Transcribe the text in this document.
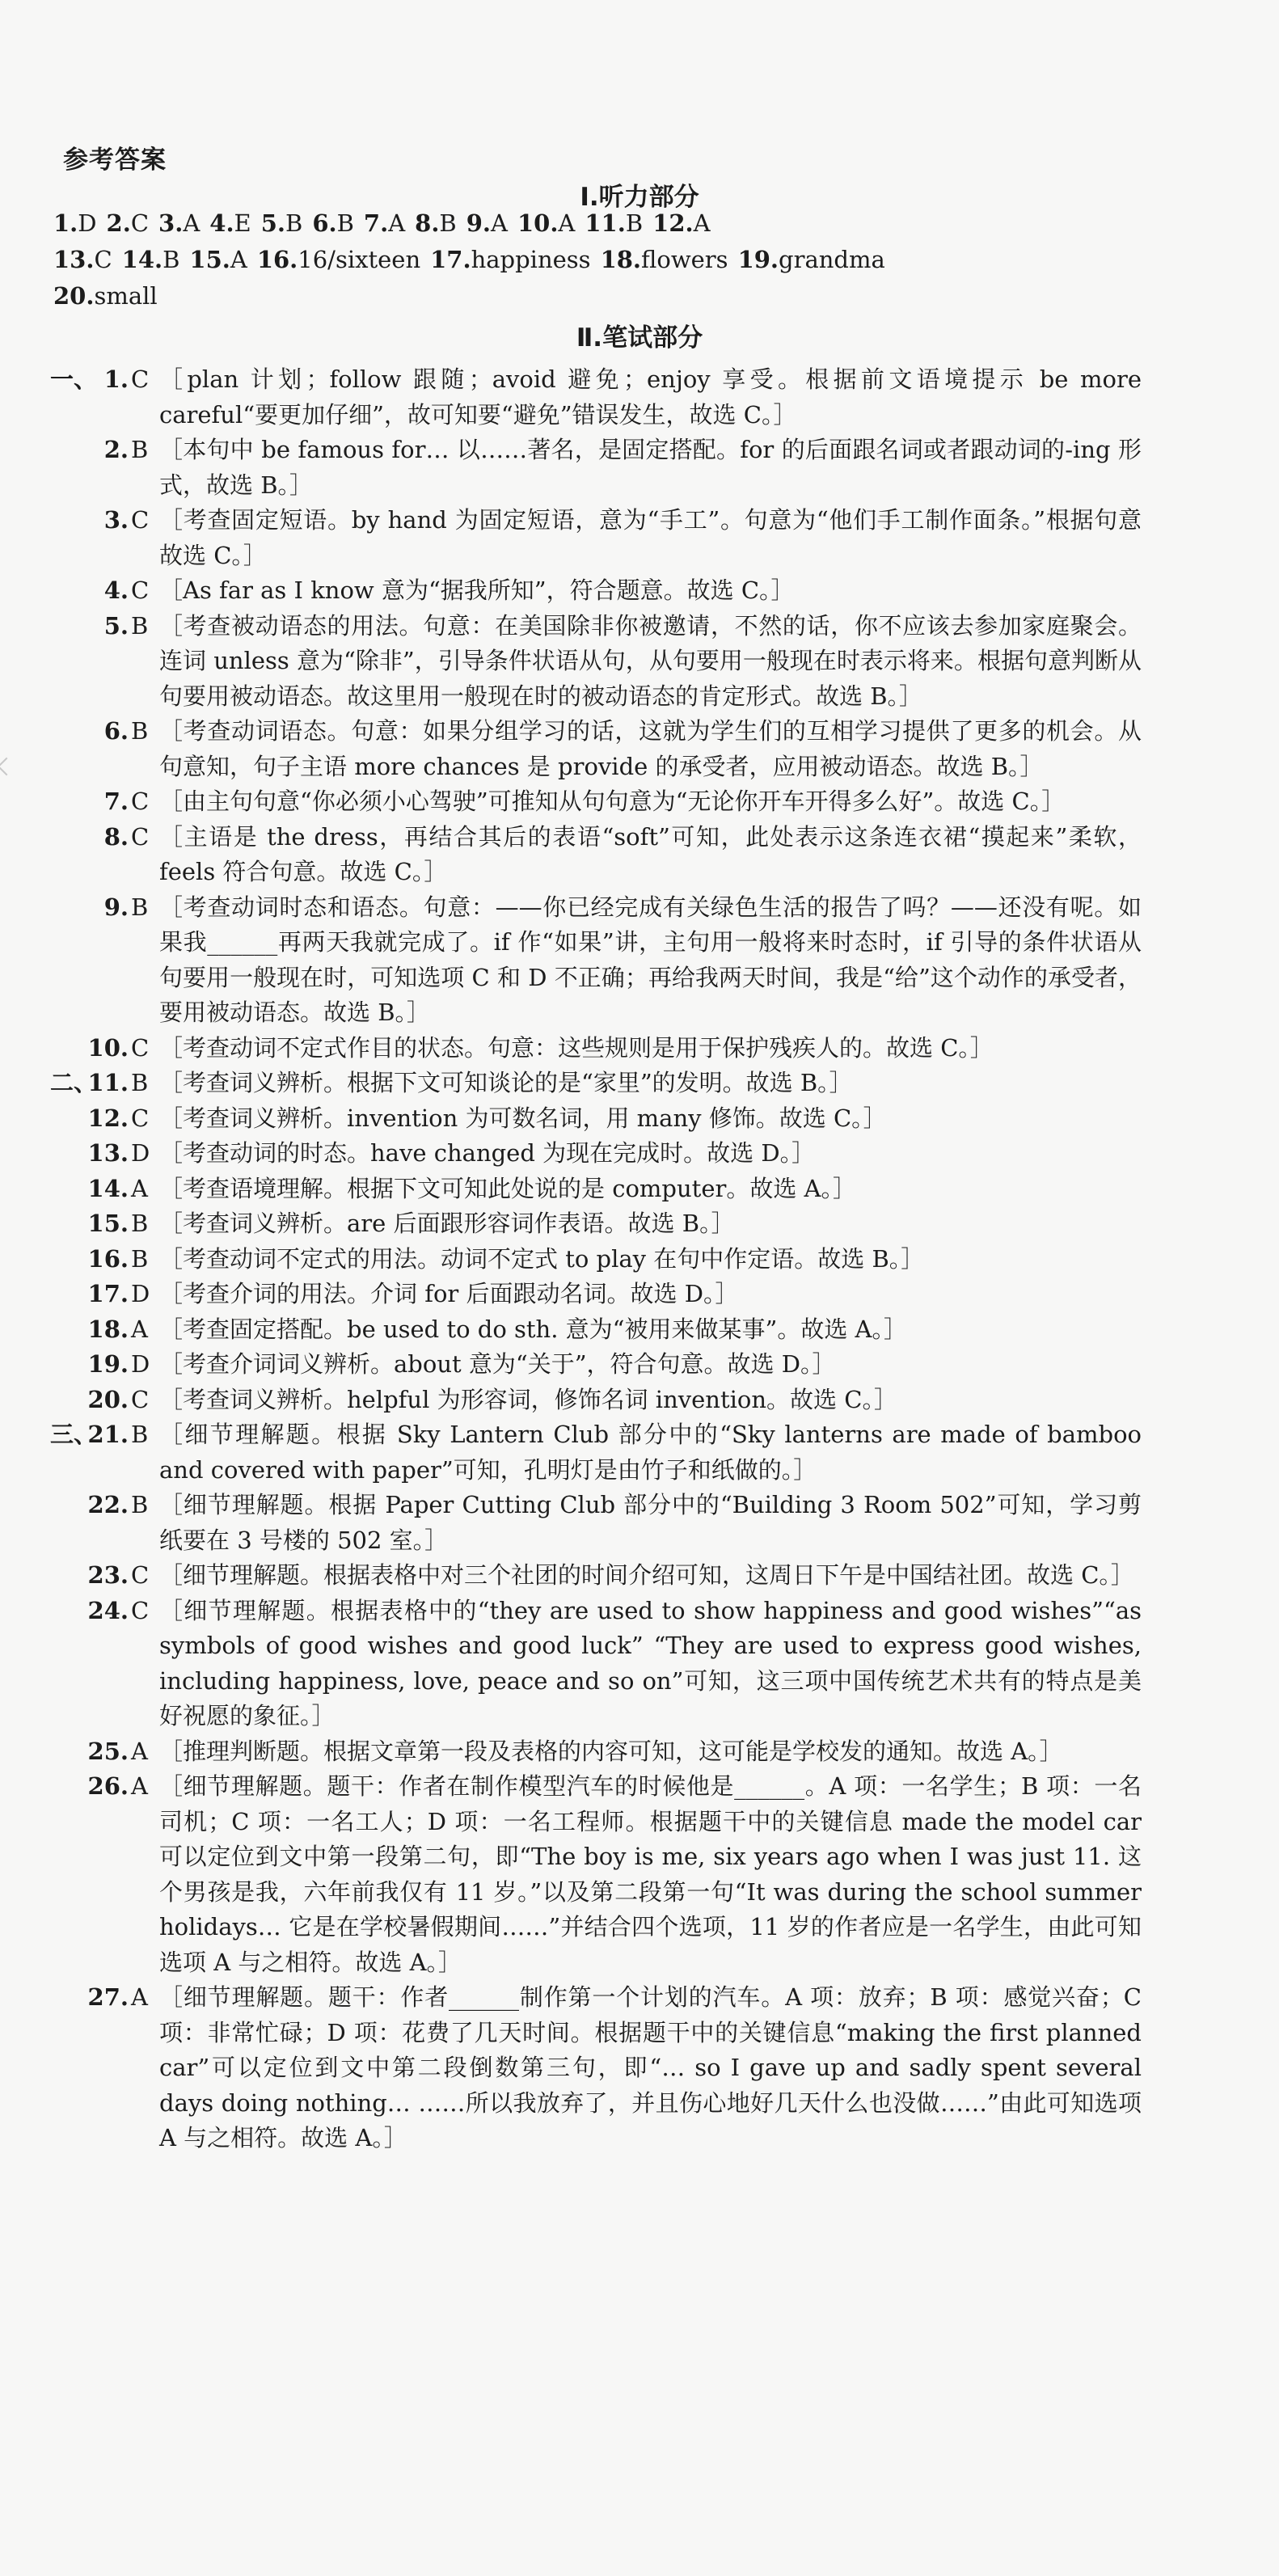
参考答案
Ⅰ.听力部分
1.D 2.C 3.A 4.E 5.B 6.B 7.A 8.B 9.A 10.A 11.B 12.A
13.C 14.B 15.A 16.16/sixteen 17.happiness 18.flowers 19.grandma
20.small
Ⅱ.笔试部分

一、 1. C ［plan 计划；follow 跟随；avoid 避免；enjoy 享受。根据前文语境提示 be more careful“要更加仔细”，故可知要“避免”错误发生，故选 C。］

2. B ［本句中 be famous for… 以……著名，是固定搭配。for 的后面跟名词或者跟动词的-ing 形式，故选 B。］

3. C ［考查固定短语。by hand 为固定短语，意为“手工”。句意为“他们手工制作面条。”根据句意故选 C。］

4. C ［As far as I know 意为“据我所知”，符合题意。故选 C。］

5. B ［考查被动语态的用法。句意：在美国除非你被邀请，不然的话，你不应该去参加家庭聚会。连词 unless 意为“除非”，引导条件状语从句，从句要用一般现在时表示将来。根据句意判断从句要用被动语态。故这里用一般现在时的被动语态的肯定形式。故选 B。］

6. B ［考查动词语态。句意：如果分组学习的话，这就为学生们的互相学习提供了更多的机会。从句意知，句子主语 more chances 是 provide 的承受者，应用被动语态。故选 B。］

7. C ［由主句句意“你必须小心驾驶”可推知从句句意为“无论你开车开得多么好”。故选 C。］

8. C ［主语是 the dress，再结合其后的表语“soft”可知，此处表示这条连衣裙“摸起来”柔软，feels 符合句意。故选 C。］

9. B ［考查动词时态和语态。句意：——你已经完成有关绿色生活的报告了吗？——还没有呢。如果我______再两天我就完成了。if 作“如果”讲，主句用一般将来时态时，if 引导的条件状语从句要用一般现在时，可知选项 C 和 D 不正确；再给我两天时间，我是“给”这个动作的承受者，要用被动语态。故选 B。］

10. C ［考查动词不定式作目的状态。句意：这些规则是用于保护残疾人的。故选 C。］

二、
11. B ［考查词义辨析。根据下文可知谈论的是“家里”的发明。故选 B。］

12. C ［考查词义辨析。invention 为可数名词，用 many 修饰。故选 C。］

13. D ［考查动词的时态。have changed 为现在完成时。故选 D。］

14. A ［考查语境理解。根据下文可知此处说的是 computer。故选 A。］

15. B ［考查词义辨析。are 后面跟形容词作表语。故选 B。］

16. B ［考查动词不定式的用法。动词不定式 to play 在句中作定语。故选 B。］

17. D ［考查介词的用法。介词 for 后面跟动名词。故选 D。］

18. A ［考查固定搭配。be used to do sth. 意为“被用来做某事”。故选 A。］

19. D ［考查介词词义辨析。about 意为“关于”，符合句意。故选 D。］

20. C ［考查词义辨析。helpful 为形容词，修饰名词 invention。故选 C。］

三、
21. B ［细节理解题。根据 Sky Lantern Club 部分中的“Sky lanterns are made of bamboo and covered with paper”可知，孔明灯是由竹子和纸做的。］

22. B ［细节理解题。根据 Paper Cutting Club 部分中的“Building 3 Room 502”可知，学习剪纸要在 3 号楼的 502 室。］

23. C ［细节理解题。根据表格中对三个社团的时间介绍可知，这周日下午是中国结社团。故选 C。］

24. C ［细节理解题。根据表格中的“they are used to show happiness and good wishes”“as symbols of good wishes and good luck” “They are used to express good wishes, including happiness, love, peace and so on”可知，这三项中国传统艺术共有的特点是美好祝愿的象征。］

25. A ［推理判断题。根据文章第一段及表格的内容可知，这可能是学校发的通知。故选 A。］

26. A ［细节理解题。题干：作者在制作模型汽车的时候他是______。A 项：一名学生；B 项：一名司机；C 项：一名工人；D 项：一名工程师。根据题干中的关键信息 made the model car 可以定位到文中第一段第二句，即“The boy is me, six years ago when I was just 11. 这个男孩是我，六年前我仅有 11 岁。”以及第二段第一句“It was during the school summer holidays… 它是在学校暑假期间……”并结合四个选项，11 岁的作者应是一名学生，由此可知选项 A 与之相符。故选 A。］

27. A ［细节理解题。题干：作者______制作第一个计划的汽车。A 项：放弃；B 项：感觉兴奋；C 项：非常忙碌；D 项：花费了几天时间。根据题干中的关键信息“making the first planned car”可以定位到文中第二段倒数第三句，即“… so I gave up and sadly spent several days doing nothing… ……所以我放弃了，并且伤心地好几天什么也没做……”由此可知选项 A 与之相符。故选 A。］
